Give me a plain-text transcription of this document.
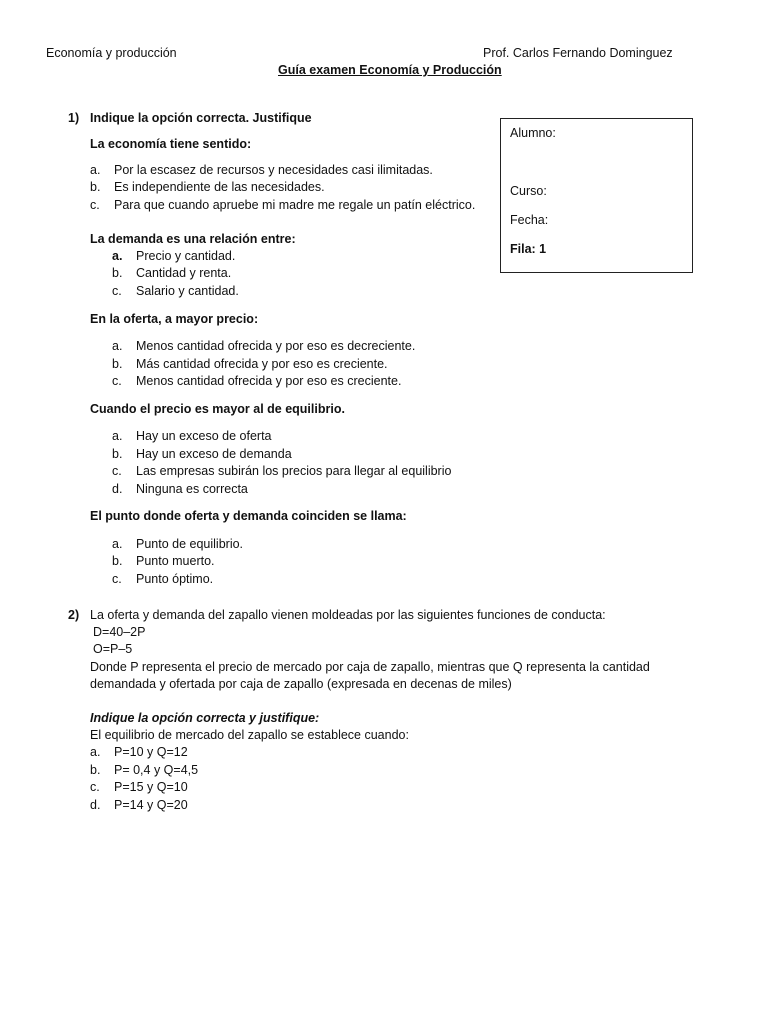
Economía y producción	Prof. Carlos Fernando Dominguez
Guía examen Economía y Producción
Alumno:
Curso:
Fecha:
Fila: 1
1) Indique la opción correcta. Justifique
La economía tiene sentido:
a. Por la escasez de recursos y necesidades casi ilimitadas.
b. Es independiente de las necesidades.
c. Para que cuando apruebe mi madre me regale un patín eléctrico.
La demanda es una relación entre:
a. Precio y cantidad.
b. Cantidad y renta.
c. Salario y cantidad.
En la oferta, a mayor precio:
a. Menos cantidad ofrecida y por eso es decreciente.
b. Más cantidad ofrecida y por eso es creciente.
c. Menos cantidad ofrecida y por eso es creciente.
Cuando el precio es mayor al de equilibrio.
a. Hay un exceso de oferta
b. Hay un exceso de demanda
c. Las empresas subirán los precios para llegar al equilibrio
d. Ninguna es correcta
El punto donde oferta y demanda coinciden se llama:
a. Punto de equilibrio.
b. Punto muerto.
c. Punto óptimo.
2) La oferta y demanda del zapallo vienen moldeadas por las siguientes funciones de conducta:
D=40–2P
O=P–5
Donde P representa el precio de mercado por caja de zapallo, mientras que Q representa la cantidad
demandada y ofertada por caja de zapallo (expresada en decenas de miles)
Indique la opción correcta y justifique:
El equilibrio de mercado del zapallo se establece cuando:
a. P=10 y Q=12
b. P= 0,4 y Q=4,5
c. P=15 y Q=10
d. P=14 y Q=20
